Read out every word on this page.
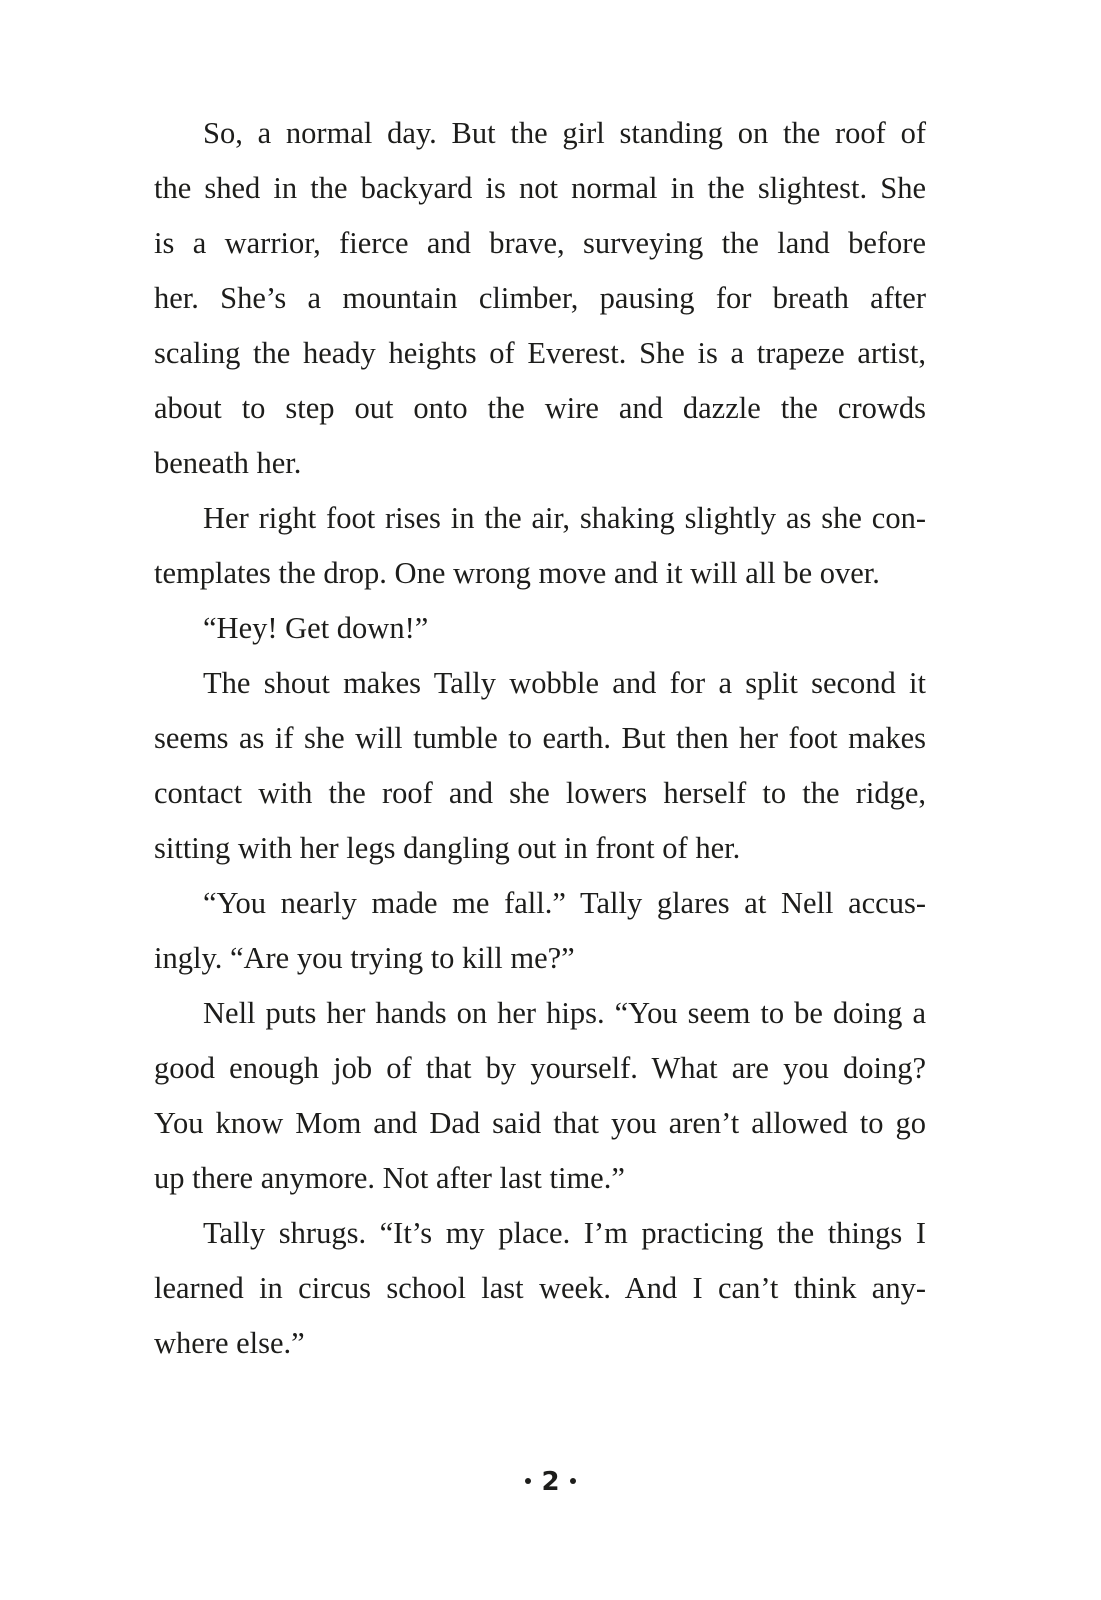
So, a normal day. But the girl standing on the roof of
the shed in the backyard is not normal in the slightest. She
is a warrior, fierce and brave, surveying the land before
her. She’s a mountain climber, pausing for breath after
scaling the heady heights of Everest. She is a trapeze artist,
about to step out onto the wire and dazzle the crowds
beneath her.
Her right foot rises in the air, shaking slightly as she con-
templates the drop. One wrong move and it will all be over.
“Hey! Get down!”
The shout makes Tally wobble and for a split second it
seems as if she will tumble to earth. But then her foot makes
contact with the roof and she lowers herself to the ridge,
sitting with her legs dangling out in front of her.
“You nearly made me fall.” Tally glares at Nell accus-
ingly. “Are you trying to kill me?”
Nell puts her hands on her hips. “You seem to be doing a
good enough job of that by yourself. What are you doing?
You know Mom and Dad said that you aren’t allowed to go
up there anymore. Not after last time.”
Tally shrugs. “It’s my place. I’m practicing the things I
learned in circus school last week. And I can’t think any-
where else.”
2
